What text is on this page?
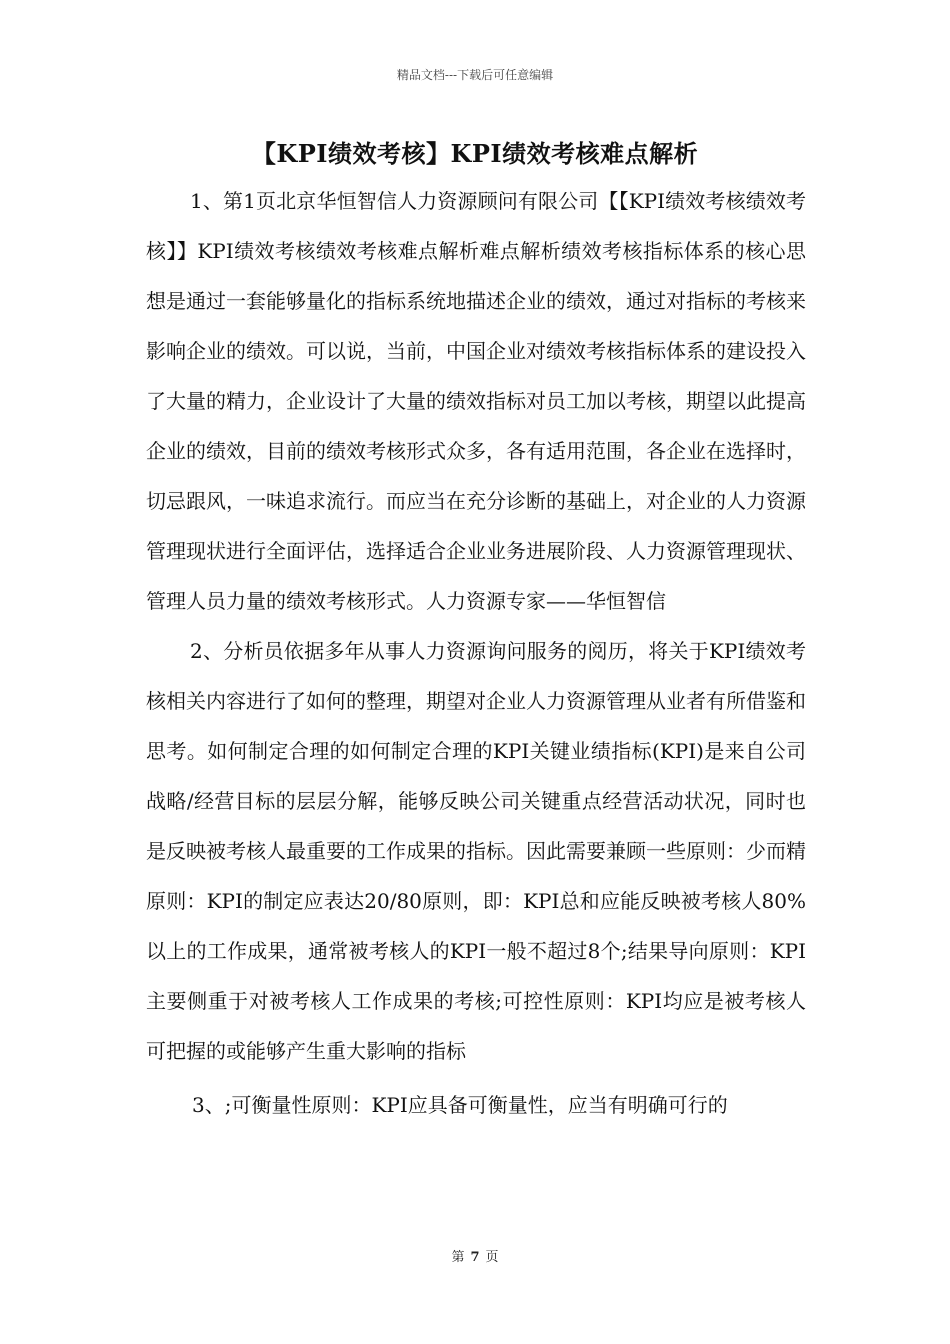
精品文档---下载后可任意编辑
【KPI绩效考核】KPI绩效考核难点解析

1、第1页北京华恒智信人力资源顾问有限公司【【KPI绩效考核绩效考核】】KPI绩效考核绩效考核难点解析难点解析绩效考核指标体系的核心思想是通过一套能够量化的指标系统地描述企业的绩效，通过对指标的考核来影响企业的绩效。可以说，当前，中国企业对绩效考核指标体系的建设投入了大量的精力，企业设计了大量的绩效指标对员工加以考核，期望以此提高企业的绩效，目前的绩效考核形式众多，各有适用范围，各企业在选择时，切忌跟风，一味追求流行。而应当在充分诊断的基础上，对企业的人力资源管理现状进行全面评估，选择适合企业业务进展阶段、人力资源管理现状、管理人员力量的绩效考核形式。人力资源专家——华恒智信

2、分析员依据多年从事人力资源询问服务的阅历，将关于KPI绩效考核相关内容进行了如何的整理，期望对企业人力资源管理从业者有所借鉴和思考。如何制定合理的如何制定合理的KPI关键业绩指标(KPI)是来自公司战略/经营目标的层层分解，能够反映公司关键重点经营活动状况，同时也是反映被考核人最重要的工作成果的指标。因此需要兼顾一些原则：少而精原则：KPI的制定应表达20/80原则，即：KPI总和应能反映被考核人80%以上的工作成果，通常被考核人的KPI一般不超过8个;结果导向原则：KPI主要侧重于对被考核人工作成果的考核;可控性原则：KPI均应是被考核人可把握的或能够产生重大影响的指标

3、;可衡量性原则：KPI应具备可衡量性，应当有明确可行的

第 7 页
